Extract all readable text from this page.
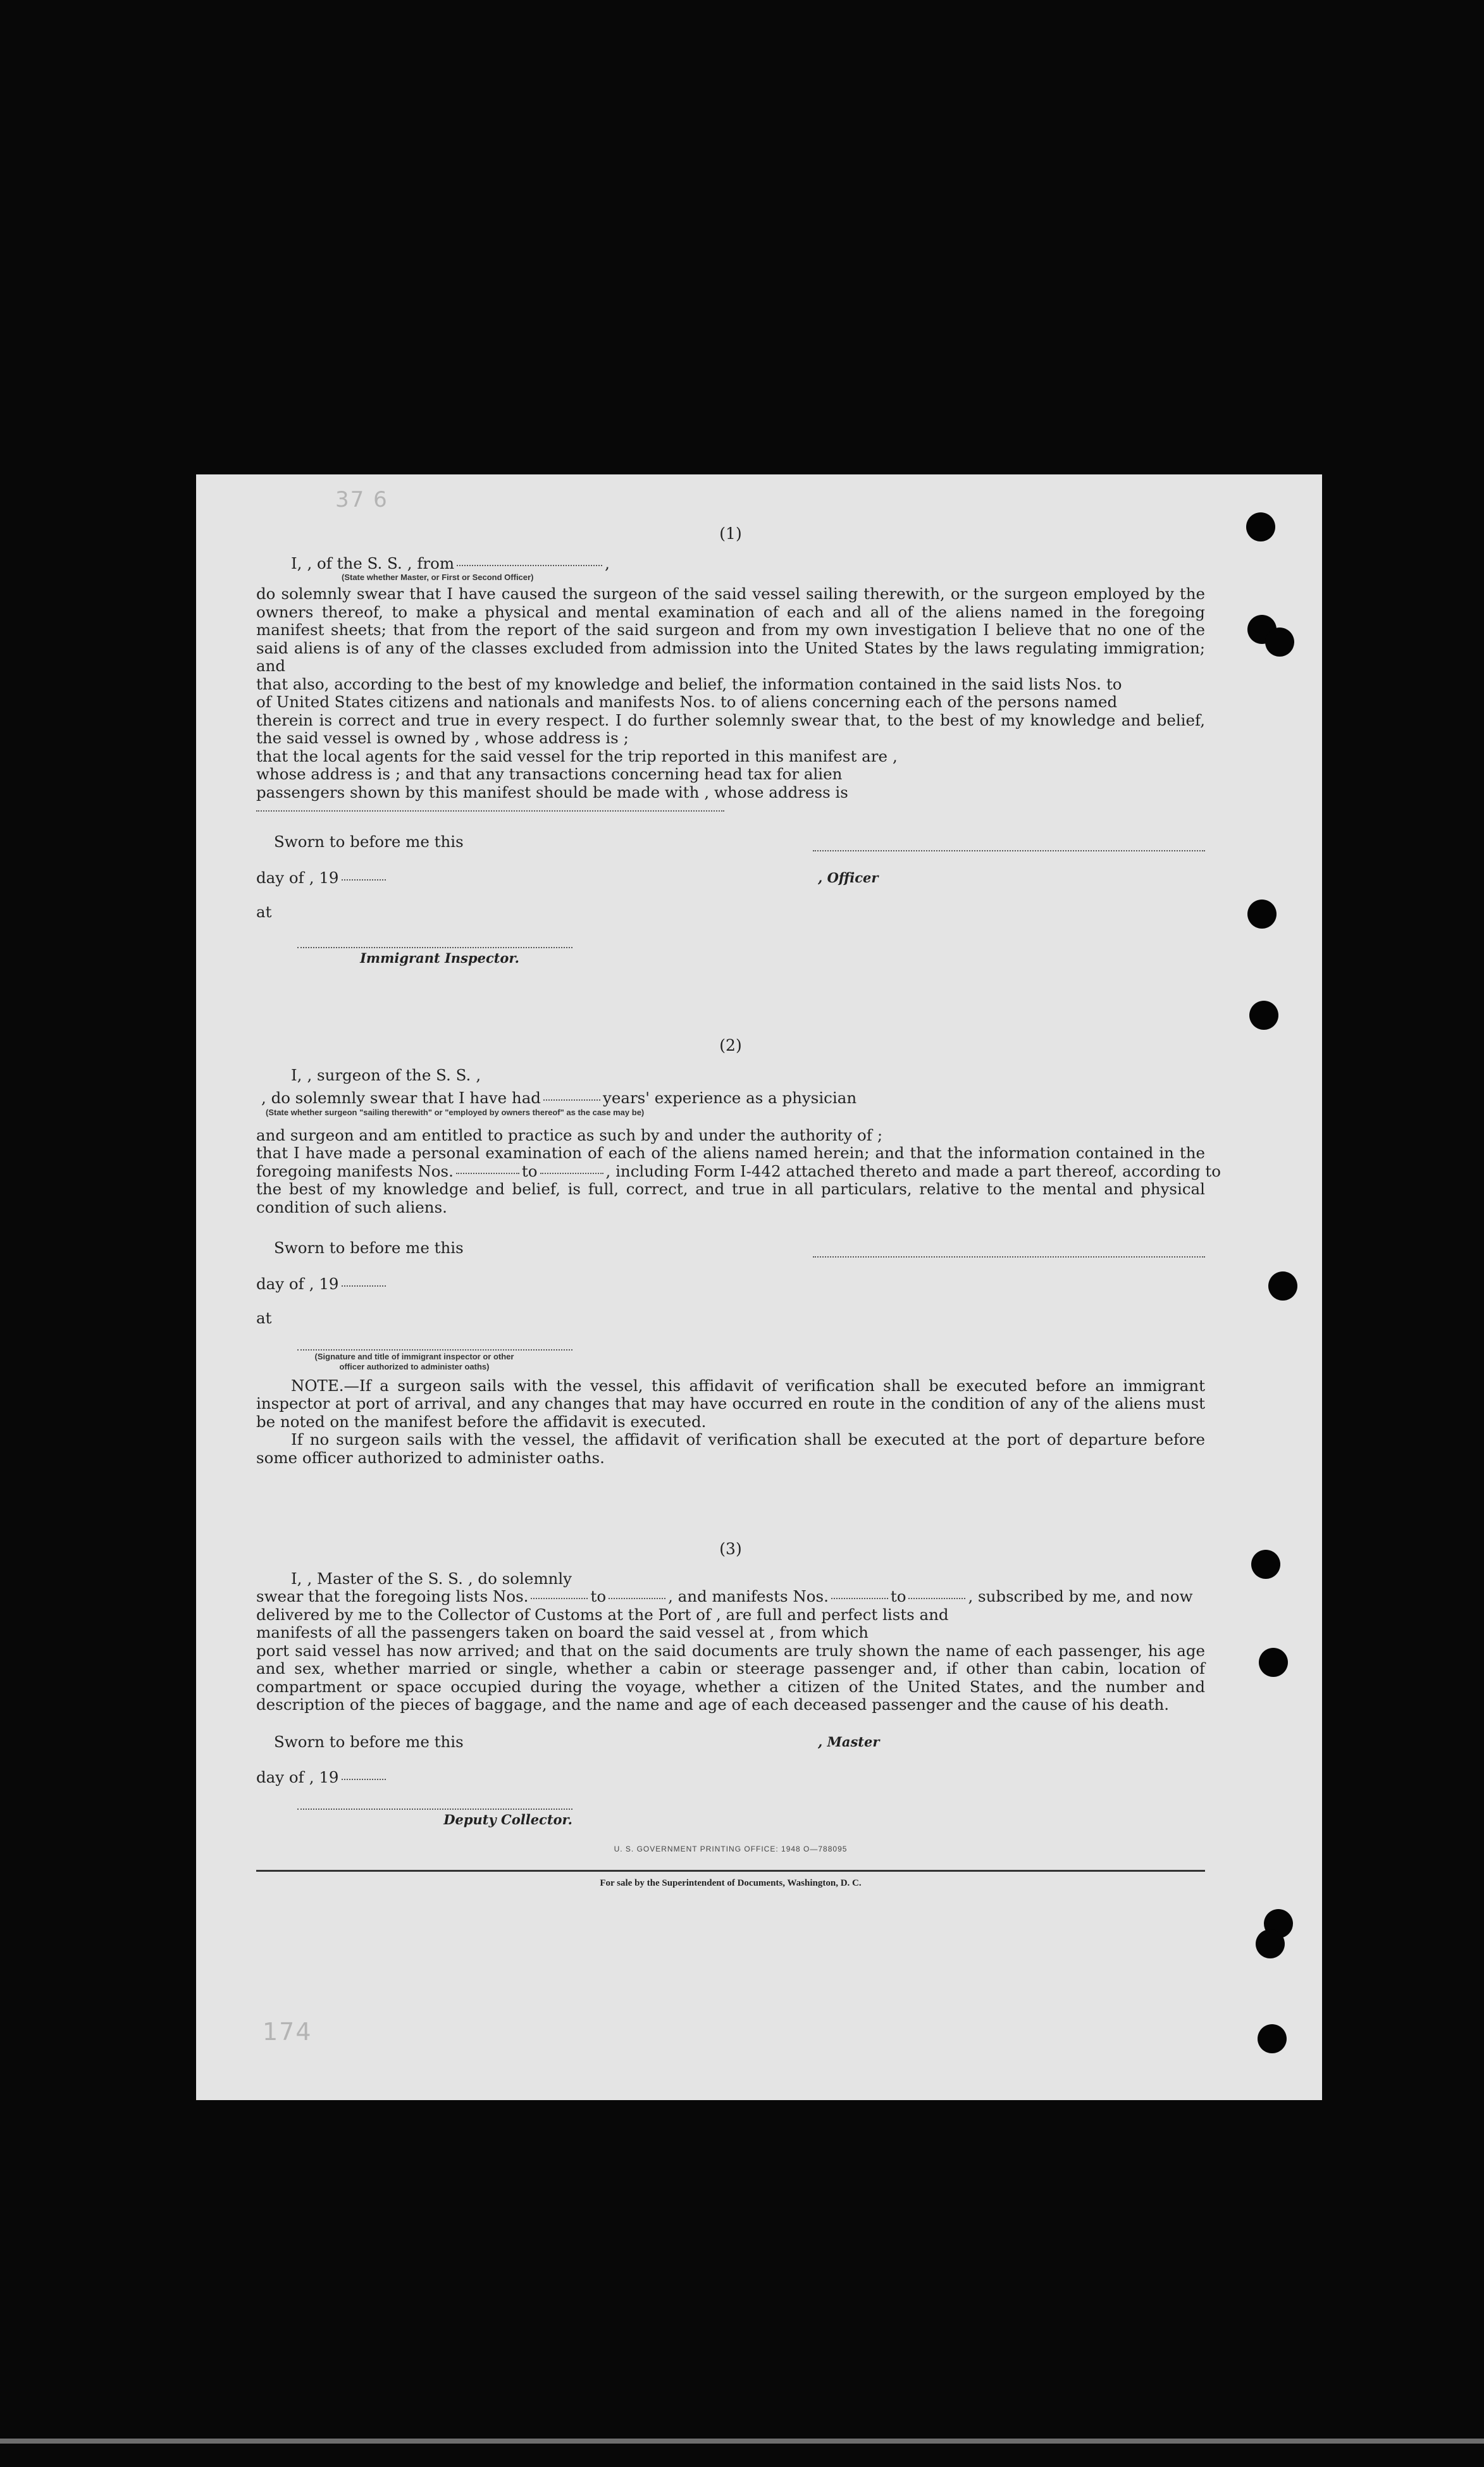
37 6
174
(1)
I, , of the S. S. , from	,
(State whether Master, or First or Second Officer)
do solemnly swear that I have caused the surgeon of the said vessel sailing therewith, or the surgeon employed by the owners thereof, to make a physical and mental examination of each and all of the aliens named in the foregoing manifest sheets; that from the report of the said surgeon and from my own investigation I believe that no one of the said aliens is of any of the classes excluded from admission into the United States by the laws regulating immigration; and
that also, according to the best of my knowledge and belief, the information contained in the said lists Nos. to
of United States citizens and nationals and manifests Nos. to of aliens concerning each of the persons named
therein is correct and true in every respect. I do further solemnly swear that, to the best of my knowledge and belief,
the said vessel is owned by , whose address is ;
that the local agents for the said vessel for the trip reported in this manifest are ,
whose address is ; and that any transactions concerning head tax for alien
passengers shown by this manifest should be made with , whose address is
Sworn to before me this
day of , 19	, Officer
at
Immigrant Inspector.
(2)
I, , surgeon of the S. S. ,
, do solemnly swear that I have had	years' experience as a physician
(State whether surgeon "sailing therewith" or "employed by owners thereof" as the case may be)
and surgeon and am entitled to practice as such by and under the authority of ;
that I have made a personal examination of each of the aliens named herein; and that the information contained in the
foregoing manifests Nos.	to	, including Form I-442 attached thereto and made a part thereof, according to
the best of my knowledge and belief, is full, correct, and true in all particulars, relative to the mental and physical condition of such aliens.
Sworn to before me this
day of , 19
at
(Signature and title of immigrant inspector or other officer authorized to administer oaths)
NOTE.—If a surgeon sails with the vessel, this affidavit of verification shall be executed before an immigrant inspector at port of arrival, and any changes that may have occurred en route in the condition of any of the aliens must be noted on the manifest before the affidavit is executed.
If no surgeon sails with the vessel, the affidavit of verification shall be executed at the port of departure before some officer authorized to administer oaths.
(3)
I, , Master of the S. S. , do solemnly
swear that the foregoing lists Nos.	to	, and manifests Nos.	to	, subscribed by me, and now
delivered by me to the Collector of Customs at the Port of , are full and perfect lists and
manifests of all the passengers taken on board the said vessel at , from which
port said vessel has now arrived; and that on the said documents are truly shown the name of each passenger, his age and sex, whether married or single, whether a cabin or steerage passenger and, if other than cabin, location of compartment or space occupied during the voyage, whether a citizen of the United States, and the number and description of the pieces of baggage, and the name and age of each deceased passenger and the cause of his death.
Sworn to before me this	, Master
day of , 19
Deputy Collector.
U. S. GOVERNMENT PRINTING OFFICE: 1948 O—788095
For sale by the Superintendent of Documents, Washington, D. C.
